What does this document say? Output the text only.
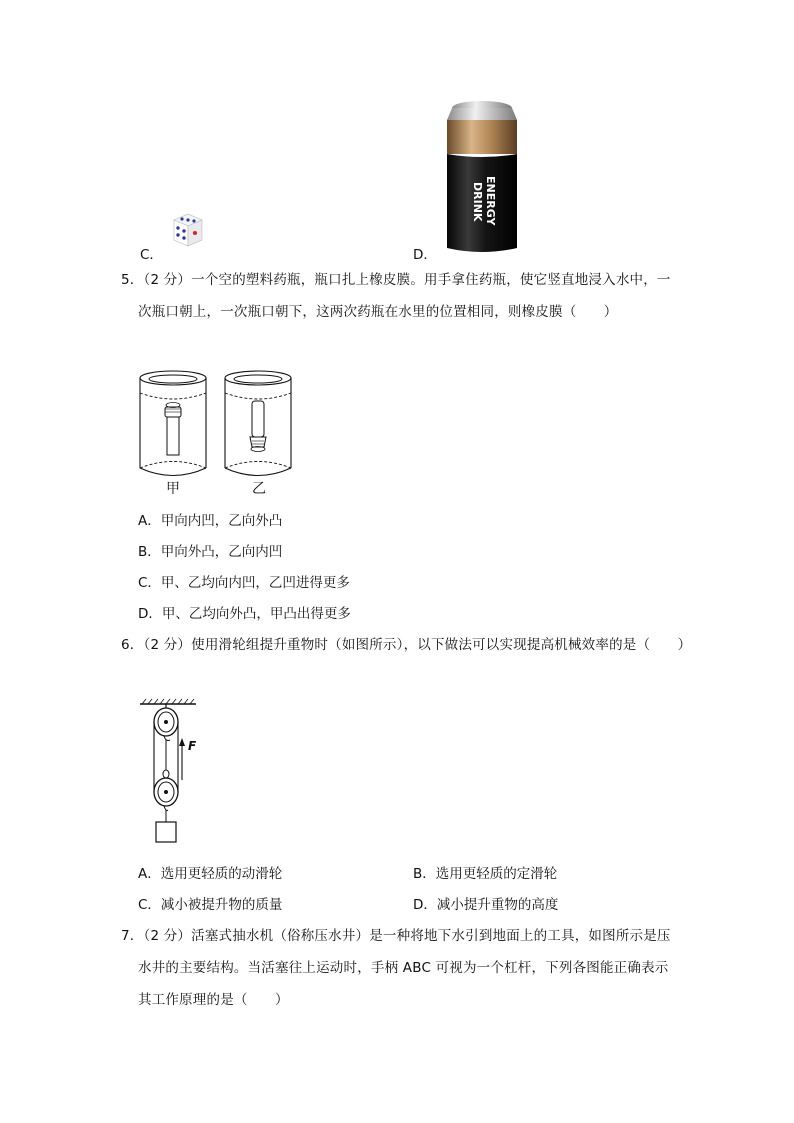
C．	D．
ENERGY
DRINK
5．（2 分）一个空的塑料药瓶，瓶口扎上橡皮膜。用手拿住药瓶，使它竖直地浸入水中，一
次瓶口朝上，一次瓶口朝下，这两次药瓶在水里的位置相同，则橡皮膜（　　）
甲	乙
A．甲向内凹，乙向外凸
B．甲向外凸，乙向内凹
C．甲、乙均向内凹，乙凹进得更多
D．甲、乙均向外凸，甲凸出得更多
6．（2 分）使用滑轮组提升重物时（如图所示），以下做法可以实现提高机械效率的是（　　）
F
A．选用更轻质的动滑轮	B．选用更轻质的定滑轮
C．减小被提升物的质量	D．减小提升重物的高度
7．（2 分）活塞式抽水机（俗称压水井）是一种将地下水引到地面上的工具，如图所示是压
水井的主要结构。当活塞往上运动时，手柄 ABC 可视为一个杠杆，下列各图能正确表示
其工作原理的是（　　）
